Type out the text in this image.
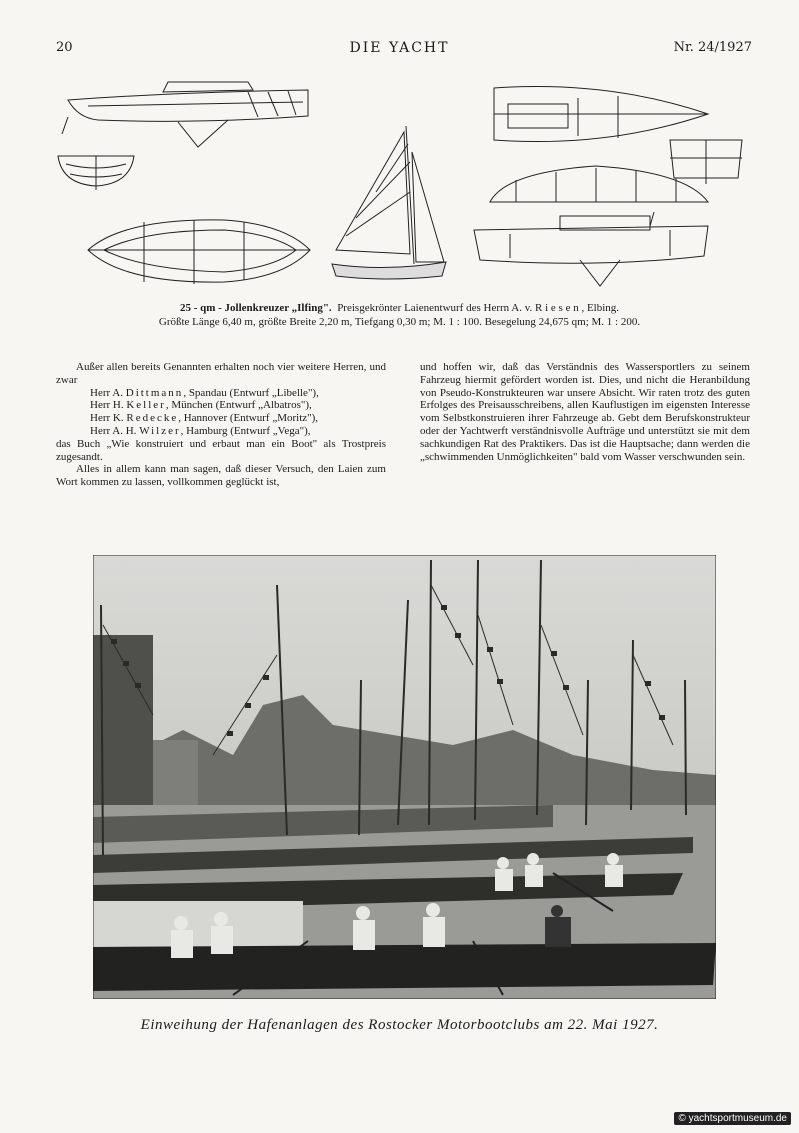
20	DIE YACHT	Nr. 24/1927
25 - qm - Jollenkreuzer „Ilfing". Preisgekrönter Laienentwurf des Herrn A. v. R i e s e n , Elbing.
Größte Länge 6,40 m, größte Breite 2,20 m, Tiefgang 0,30 m; M. 1 : 100. Besegelung 24,675 qm; M. 1 : 200.

Außer allen bereits Genannten erhalten noch vier weitere Herren, und zwar

Herr A. Dittmann, Spandau (Entwurf „Libelle"),

Herr H. Keller, München (Entwurf „Albatros"),

Herr K. Redecke, Hannover (Entwurf „Moritz"),

Herr A. H. Wilzer, Hamburg (Entwurf „Vega"),

das Buch „Wie konstruiert und erbaut man ein Boot" als Trostpreis zugesandt.

Alles in allem kann man sagen, daß dieser Versuch, den Laien zum Wort kommen zu lassen, vollkommen geglückt ist,

und hoffen wir, daß das Verständnis des Wassersportlers zu seinem Fahrzeug hiermit gefördert worden ist. Dies, und nicht die Heranbildung von Pseudo-Konstrukteuren war unsere Absicht. Wir raten trotz des guten Erfolges des Preisausschreibens, allen Kauflustigen im eigensten Interesse vom Selbstkonstruieren ihrer Fahrzeuge ab. Gebt dem Berufskonstrukteur oder der Yachtwerft verständnisvolle Aufträge und unterstützt sie mit dem sachkundigen Rat des Praktikers. Das ist die Hauptsache; dann werden die „schwimmenden Unmöglichkeiten" bald vom Wasser verschwunden sein.

Einweihung der Hafenanlagen des Rostocker Motorbootclubs am 22. Mai 1927.
© yachtsportmuseum.de
